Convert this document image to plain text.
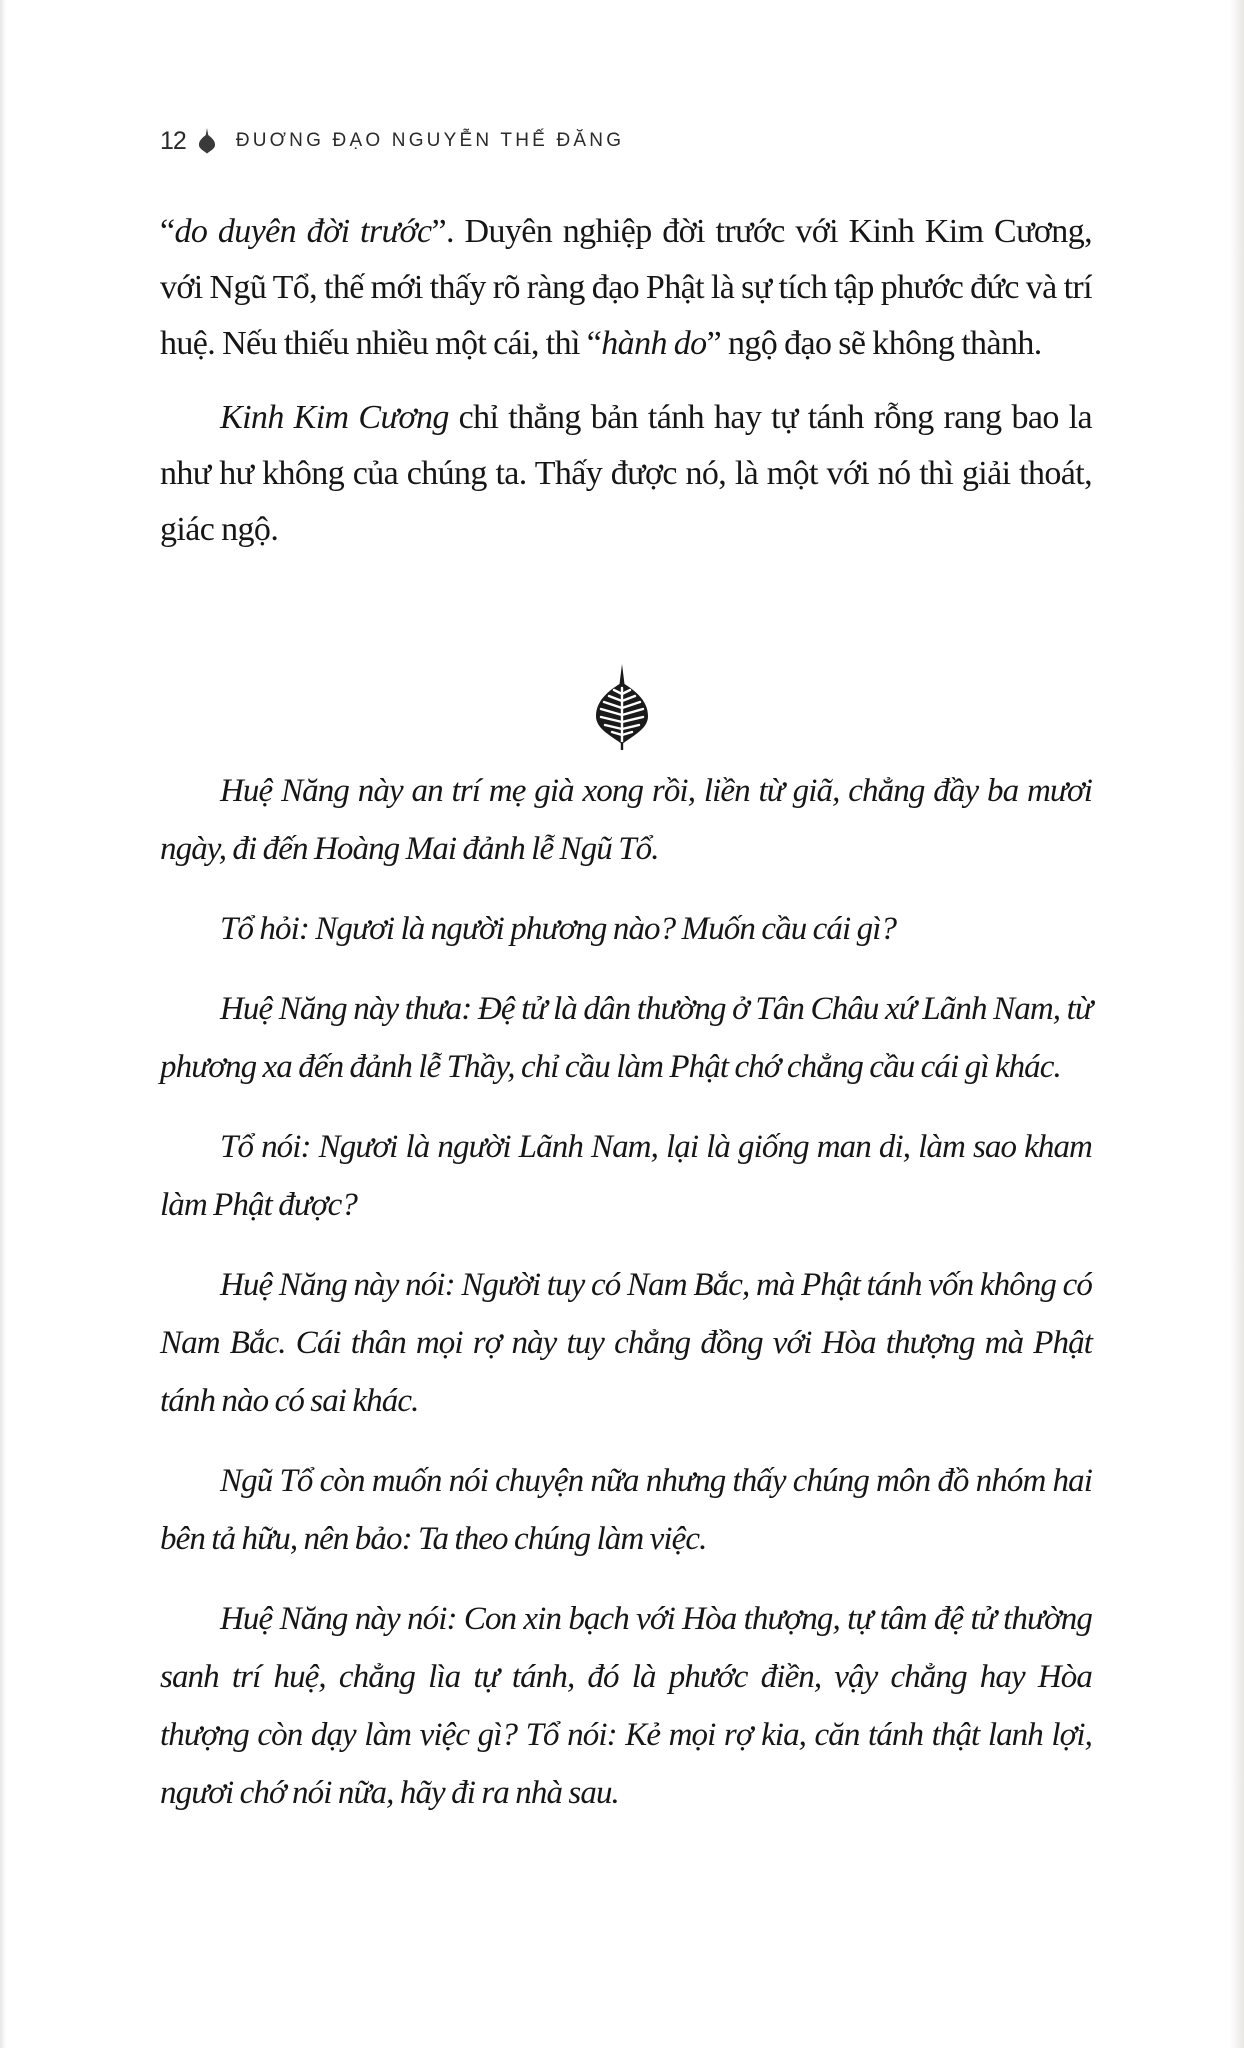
12	ĐUƠNG ĐẠO NGUYỄN THẾ ĐĂNG

“do duyên đời trước”. Duyên nghiệp đời trước với Kinh Kim Cương, với Ngũ Tổ, thế mới thấy rõ ràng đạo Phật là sự tích tập phước đức và trí huệ. Nếu thiếu nhiều một cái, thì “hành do” ngộ đạo sẽ không thành.

Kinh Kim Cương chỉ thẳng bản tánh hay tự tánh rỗng rang bao la như hư không của chúng ta. Thấy được nó, là một với nó thì giải thoát, giác ngộ.

Huệ Năng này an trí mẹ già xong rồi, liền từ giã, chẳng đầy ba mươi ngày, đi đến Hoàng Mai đảnh lễ Ngũ Tổ.

Tổ hỏi: Ngươi là người phương nào? Muốn cầu cái gì?

Huệ Năng này thưa: Đệ tử là dân thường ở Tân Châu xứ Lãnh Nam, từ phương xa đến đảnh lễ Thầy, chỉ cầu làm Phật chớ chẳng cầu cái gì khác.

Tổ nói: Ngươi là người Lãnh Nam, lại là giống man di, làm sao kham làm Phật được?

Huệ Năng này nói: Người tuy có Nam Bắc, mà Phật tánh vốn không có Nam Bắc. Cái thân mọi rợ này tuy chẳng đồng với Hòa thượng mà Phật tánh nào có sai khác.

Ngũ Tổ còn muốn nói chuyện nữa nhưng thấy chúng môn đồ nhóm hai bên tả hữu, nên bảo: Ta theo chúng làm việc.

Huệ Năng này nói: Con xin bạch với Hòa thượng, tự tâm đệ tử thường sanh trí huệ, chẳng lìa tự tánh, đó là phước điền, vậy chẳng hay Hòa thượng còn dạy làm việc gì? Tổ nói: Kẻ mọi rợ kia, căn tánh thật lanh lợi, ngươi chớ nói nữa, hãy đi ra nhà sau.
